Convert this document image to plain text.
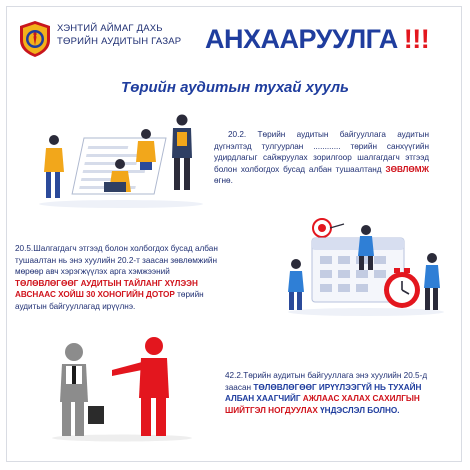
ХЭНТИЙ АЙМАГ ДАХЬ
ТӨРИЙН АУДИТЫН ГАЗАР АНХААРУУЛГА !!!
Төрийн аудитын тухай хууль
20.2. Төрийн аудитын байгууллага аудитын дүгнэлтэд тулгуурлан ............ төрийн санхүүгийн удирдлагыг сайжруулах зорилгоор шалгагдагч этгээд болон холбогдох бусад албан тушаалтанд ЗӨВЛӨМЖ өгнө.
20.5.Шалгагдагч этгээд болон холбогдох бусад албан тушаалтан нь энэ хуулийн 20.2-т заасан зөвлөмжийн мөрөөр авч хэрэгжүүлэх арга хэмжээний ТӨЛӨВЛӨГӨӨГ АУДИТЫН ТАЙЛАНГ ХҮЛЭЭН АВСНААС ХОЙШ 30 ХОНОГИЙН ДОТОР төрийн аудитын байгууллагад ирүүлнэ.
42.2.Төрийн аудитын байгууллага энэ хуулийн 20.5-д заасан ТӨЛӨВЛӨГӨӨГ ИРҮҮЛЭЭГҮЙ НЬ ТУХАЙН АЛБАН ХААГЧИЙГ АЖЛААС ХАЛАХ САХИЛГЫН ШИЙТГЭЛ НОГДУУЛАХ ҮНДЭСЛЭЛ БОЛНО.
